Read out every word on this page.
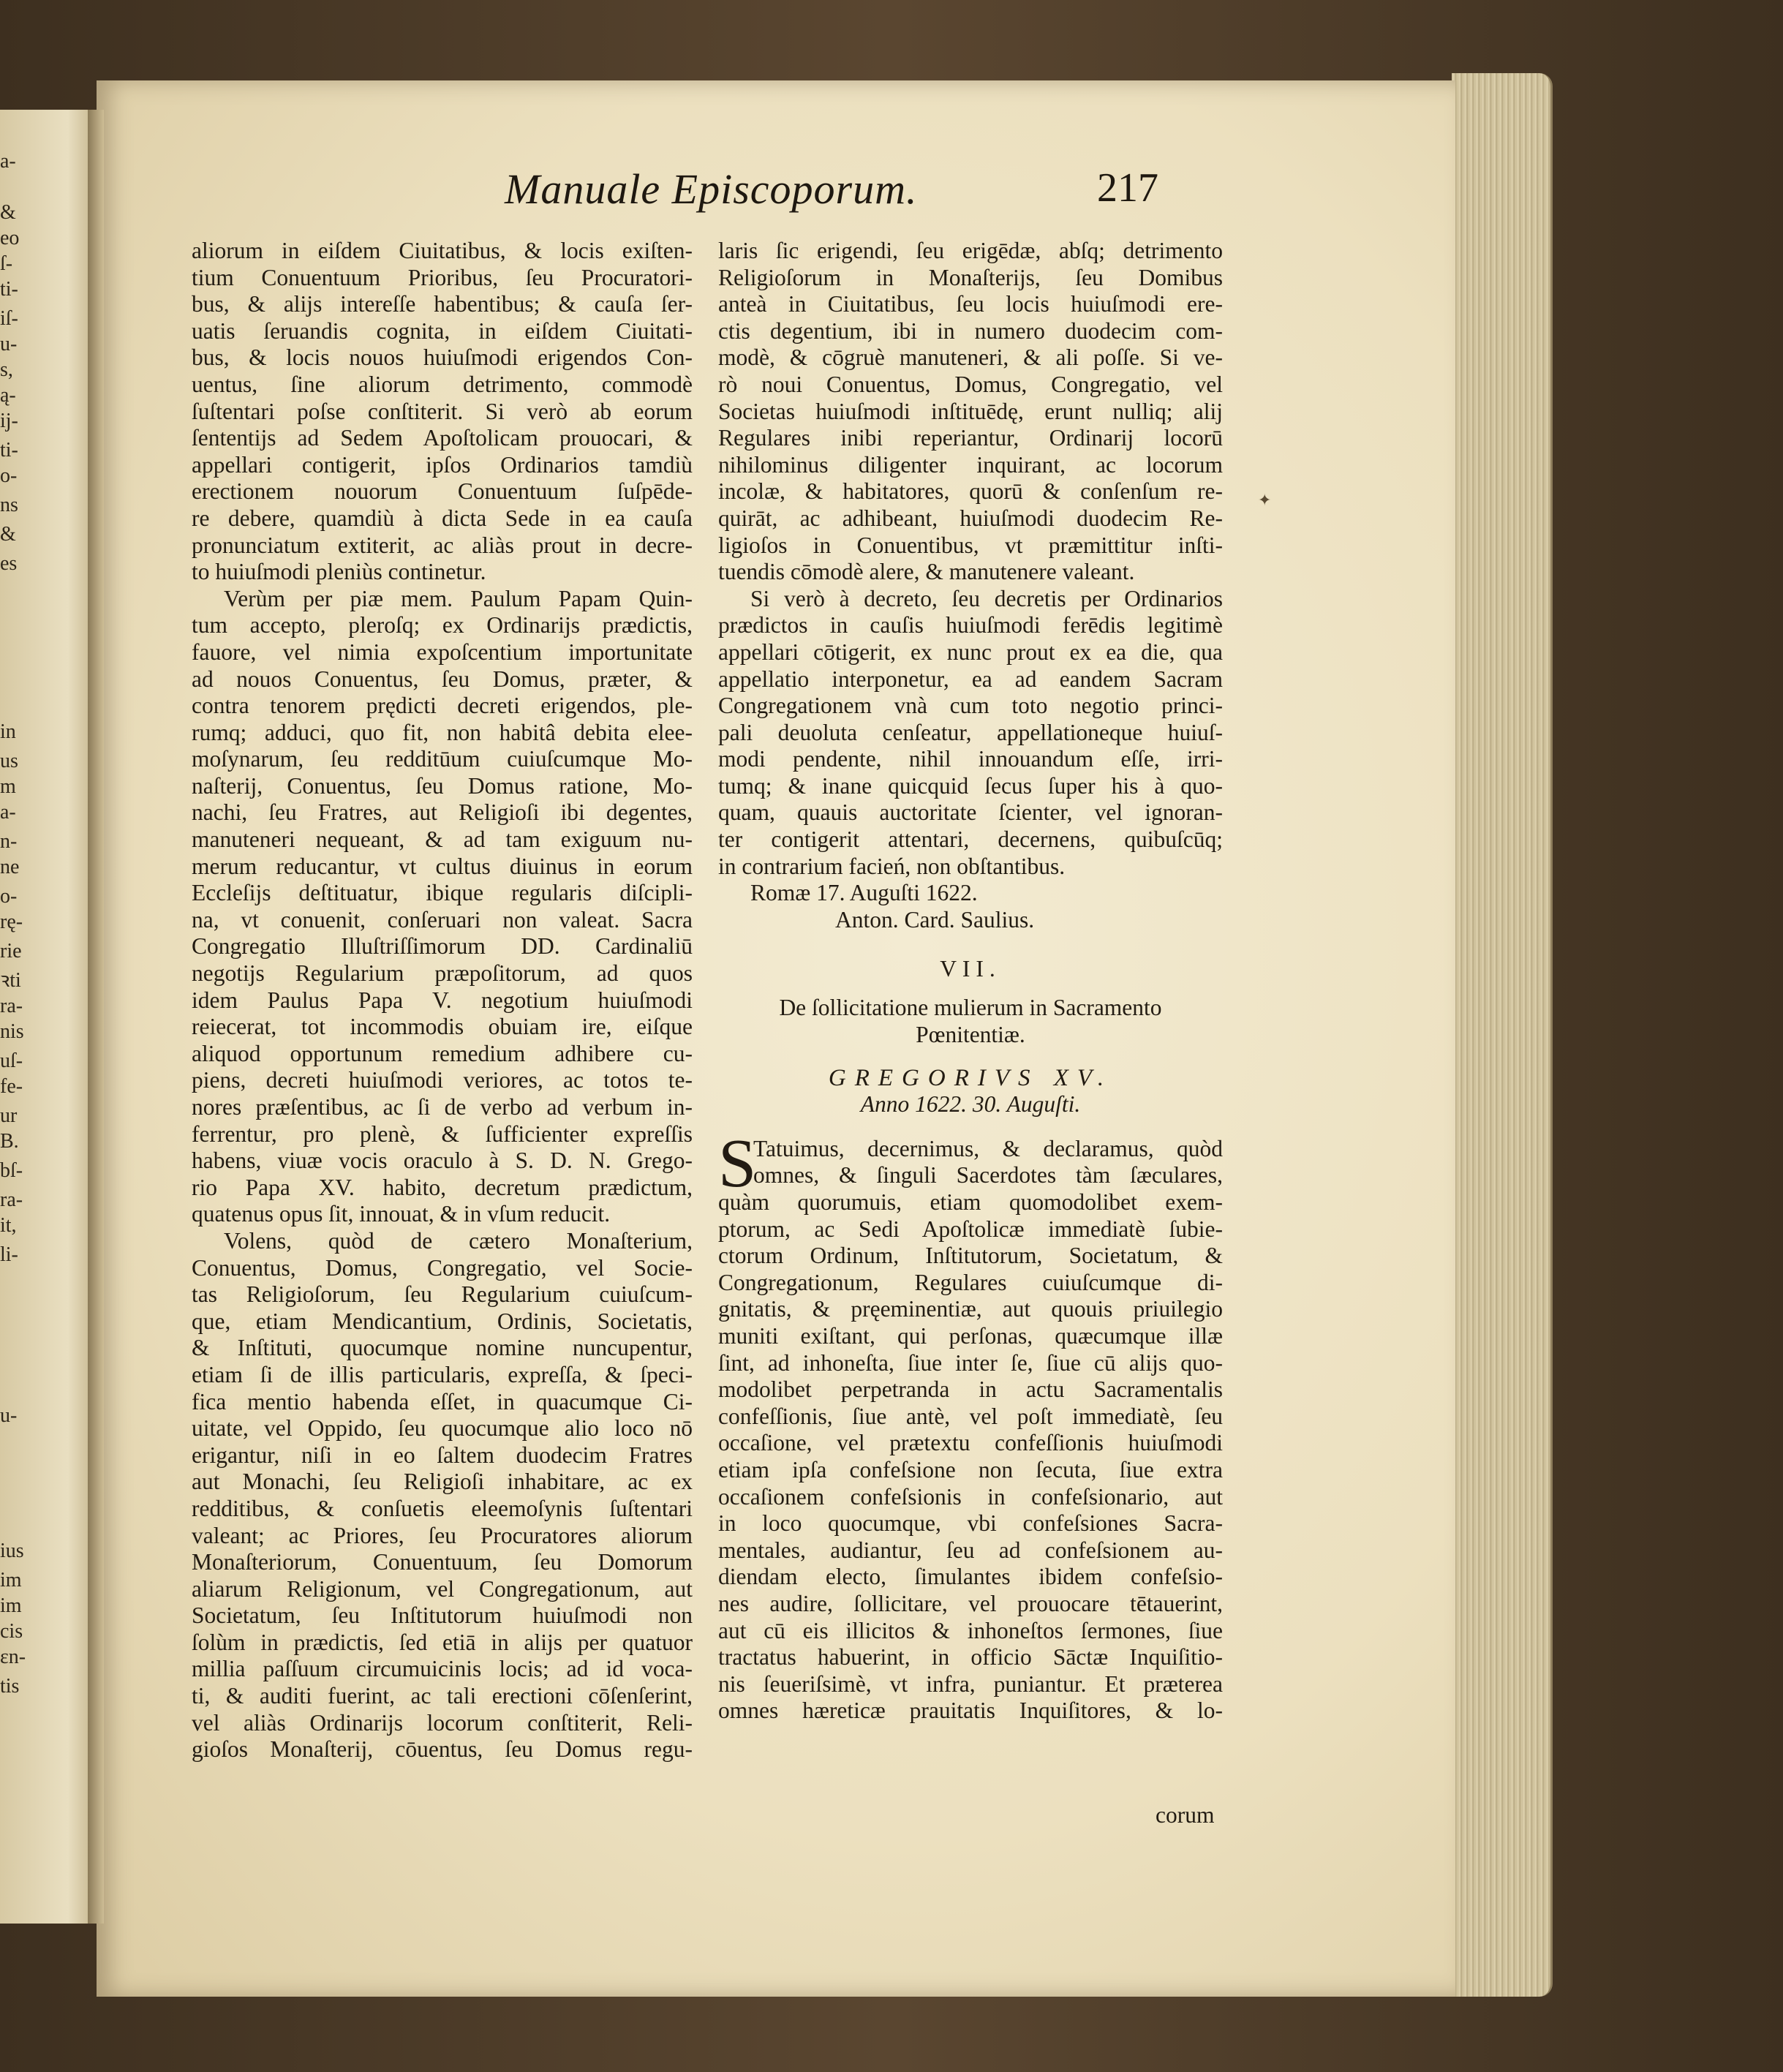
a-
&
eo
ſ-
ti-
iſ-
u-
s,
ą-
ij-
ti-
o-
ns
&
es
in
us
m
a-
n-
ne
o-
rę-
rie
ꝛti
ra-
nis
uſ-
fe-
ur
B.
bſ-
ra-
it,
li-
u-
ius
im
im
cis
ɛn-
tis
Manuale Episcoporum.	217
aliorum in eiſdem Ciuitatibus, & locis exiſten-
tium Conuentuum Prioribus, ſeu Procuratori-
bus, & alijs intereſſe habentibus; & cauſa ſer-
uatis ſeruandis cognita, in eiſdem Ciuitati-
bus, & locis nouos huiuſmodi erigendos Con-
uentus, ſine aliorum detrimento, commodè
ſuſtentari poſse conſtiterit. Si verò ab eorum
ſententijs ad Sedem Apoſtolicam prouocari, &
appellari contigerit, ipſos Ordinarios tamdiù
erectionem nouorum Conuentuum ſuſpēde-
re debere, quamdiù à dicta Sede in ea cauſa
pronunciatum extiterit, ac aliàs prout in decre-
to huiuſmodi pleniùs continetur.
Verùm per piæ mem. Paulum Papam Quin-
tum accepto, pleroſq; ex Ordinarijs prædictis,
fauore, vel nimia expoſcentium importunitate
ad nouos Conuentus, ſeu Domus, præter, &
contra tenorem prędicti decreti erigendos, ple-
rumq; adduci, quo fit, non habitâ debita elee-
moſynarum, ſeu redditūum cuiuſcumque Mo-
naſterij, Conuentus, ſeu Domus ratione, Mo-
nachi, ſeu Fratres, aut Religioſi ibi degentes,
manuteneri nequeant, & ad tam exiguum nu-
merum reducantur, vt cultus diuinus in eorum
Eccleſijs deſtituatur, ibique regularis diſcipli-
na, vt conuenit, conſeruari non valeat. Sacra
Congregatio Illuſtriſſimorum DD. Cardinaliū
negotijs Regularium præpoſitorum, ad quos
idem Paulus Papa V. negotium huiuſmodi
reiecerat, tot incommodis obuiam ire, eiſque
aliquod opportunum remedium adhibere cu-
piens, decreti huiuſmodi veriores, ac totos te-
nores præſentibus, ac ſi de verbo ad verbum in-
ferrentur, pro plenè, & ſufficienter expreſſis
habens, viuæ vocis oraculo à S. D. N. Grego-
rio Papa XV. habito, decretum prædictum,
quatenus opus ſit, innouat, & in vſum reducit.
Volens, quòd de cætero Monaſterium,
Conuentus, Domus, Congregatio, vel Socie-
tas Religioſorum, ſeu Regularium cuiuſcum-
que, etiam Mendicantium, Ordinis, Societatis,
& Inſtituti, quocumque nomine nuncupentur,
etiam ſi de illis particularis, expreſſa, & ſpeci-
fica mentio habenda eſſet, in quacumque Ci-
uitate, vel Oppido, ſeu quocumque alio loco nō
erigantur, niſi in eo ſaltem duodecim Fratres
aut Monachi, ſeu Religioſi inhabitare, ac ex
redditibus, & conſuetis eleemoſynis ſuſtentari
valeant; ac Priores, ſeu Procuratores aliorum
Monaſteriorum, Conuentuum, ſeu Domorum
aliarum Religionum, vel Congregationum, aut
Societatum, ſeu Inſtitutorum huiuſmodi non
ſolùm in prædictis, ſed etiā in alijs per quatuor
millia paſſuum circumuicinis locis; ad id voca-
ti, & auditi fuerint, ac tali erectioni cōſenſerint,
vel aliàs Ordinarijs locorum conſtiterit, Reli-
gioſos Monaſterij, cōuentus, ſeu Domus regu-
laris ſic erigendi, ſeu erigēdæ, abſq; detrimento
Religioſorum in Monaſterijs, ſeu Domibus
anteà in Ciuitatibus, ſeu locis huiuſmodi ere-
ctis degentium, ibi in numero duodecim com-
modè, & cōgruè manuteneri, & ali poſſe. Si ve-
rò noui Conuentus, Domus, Congregatio, vel
Societas huiuſmodi inſtituēdę, erunt nulliq; alij
Regulares inibi reperiantur, Ordinarij locorū
nihilominus diligenter inquirant, ac locorum
incolæ, & habitatores, quorū & conſenſum re-
quirāt, ac adhibeant, huiuſmodi duodecim Re-
ligioſos in Conuentibus, vt præmittitur inſti-
tuendis cōmodè alere, & manutenere valeant.
Si verò à decreto, ſeu decretis per Ordinarios
prædictos in cauſis huiuſmodi ferēdis legitimè
appellari cōtigerit, ex nunc prout ex ea die, qua
appellatio interponetur, ea ad eandem Sacram
Congregationem vnà cum toto negotio princi-
pali deuoluta cenſeatur, appellationeque huiuſ-
modi pendente, nihil innouandum eſſe, irri-
tumq; & inane quicquid ſecus ſuper his à quo-
quam, quauis auctoritate ſcienter, vel ignoran-
ter contigerit attentari, decernens, quibuſcūq;
in contrarium facień, non obſtantibus.
Romæ 17. Auguſti 1622.
Anton. Card. Saulius.
VII.
De ſollicitatione mulierum in Sacramento
Pœnitentiæ.
GREGORIVS XV.
Anno 1622. 30. Auguſti.
S
Tatuimus, decernimus, & declaramus, quòd
omnes, & ſinguli Sacerdotes tàm ſæculares,
quàm quorumuis, etiam quomodolibet exem-
ptorum, ac Sedi Apoſtolicæ immediatè ſubie-
ctorum Ordinum, Inſtitutorum, Societatum, &
Congregationum, Regulares cuiuſcumque di-
gnitatis, & pręeminentiæ, aut quouis priuilegio
muniti exiſtant, qui perſonas, quæcumque illæ
ſint, ad inhoneſta, ſiue inter ſe, ſiue cū alijs quo-
modolibet perpetranda in actu Sacramentalis
confeſſionis, ſiue antè, vel poſt immediatè, ſeu
occaſione, vel prætextu confeſſionis huiuſmodi
etiam ipſa confeſsione non ſecuta, ſiue extra
occaſionem confeſsionis in confeſsionario, aut
in loco quocumque, vbi confeſsiones Sacra-
mentales, audiantur, ſeu ad confeſsionem au-
diendam electo, ſimulantes ibidem confeſsio-
nes audire, ſollicitare, vel prouocare tētauerint,
aut cū eis illicitos & inhoneſtos ſermones, ſiue
tractatus habuerint, in officio Sāctæ Inquiſitio-
nis ſeueriſsimè, vt infra, puniantur. Et præterea
omnes hæreticæ prauitatis Inquiſitores, & lo-
corum
✦
